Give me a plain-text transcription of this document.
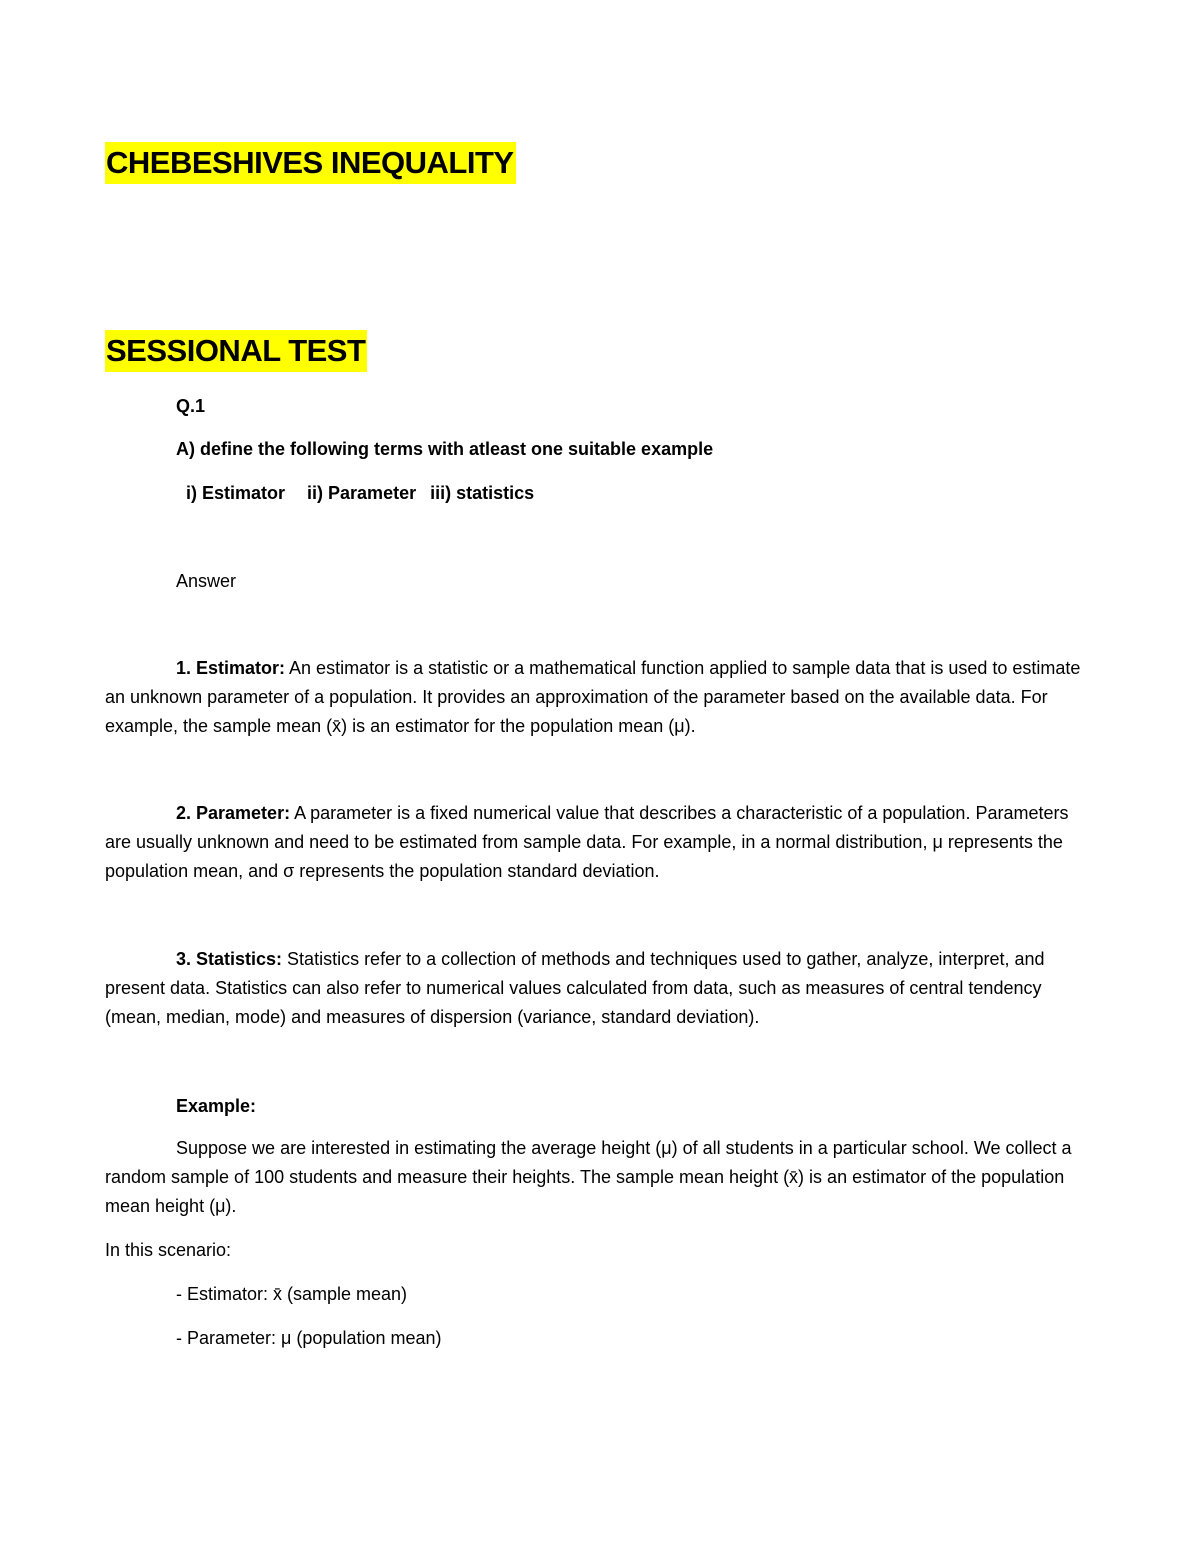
CHEBESHIVES INEQUALITY
SESSIONAL TEST
Q.1
A) define the following terms with atleast one suitable example
i) Estimator ii) Parameter iii) statistics
Answer
1. Estimator: An estimator is a statistic or a mathematical function applied to sample data that is used to estimate an unknown parameter of a population. It provides an approximation of the parameter based on the available data. For example, the sample mean (x̄) is an estimator for the population mean (μ).
2. Parameter: A parameter is a fixed numerical value that describes a characteristic of a population. Parameters are usually unknown and need to be estimated from sample data. For example, in a normal distribution, μ represents the population mean, and σ represents the population standard deviation.
3. Statistics: Statistics refer to a collection of methods and techniques used to gather, analyze, interpret, and present data. Statistics can also refer to numerical values calculated from data, such as measures of central tendency (mean, median, mode) and measures of dispersion (variance, standard deviation).
Example:
Suppose we are interested in estimating the average height (μ) of all students in a particular school. We collect a random sample of 100 students and measure their heights. The sample mean height (x̄) is an estimator of the population mean height (μ).
In this scenario:
- Estimator: x̄ (sample mean)
- Parameter: μ (population mean)
